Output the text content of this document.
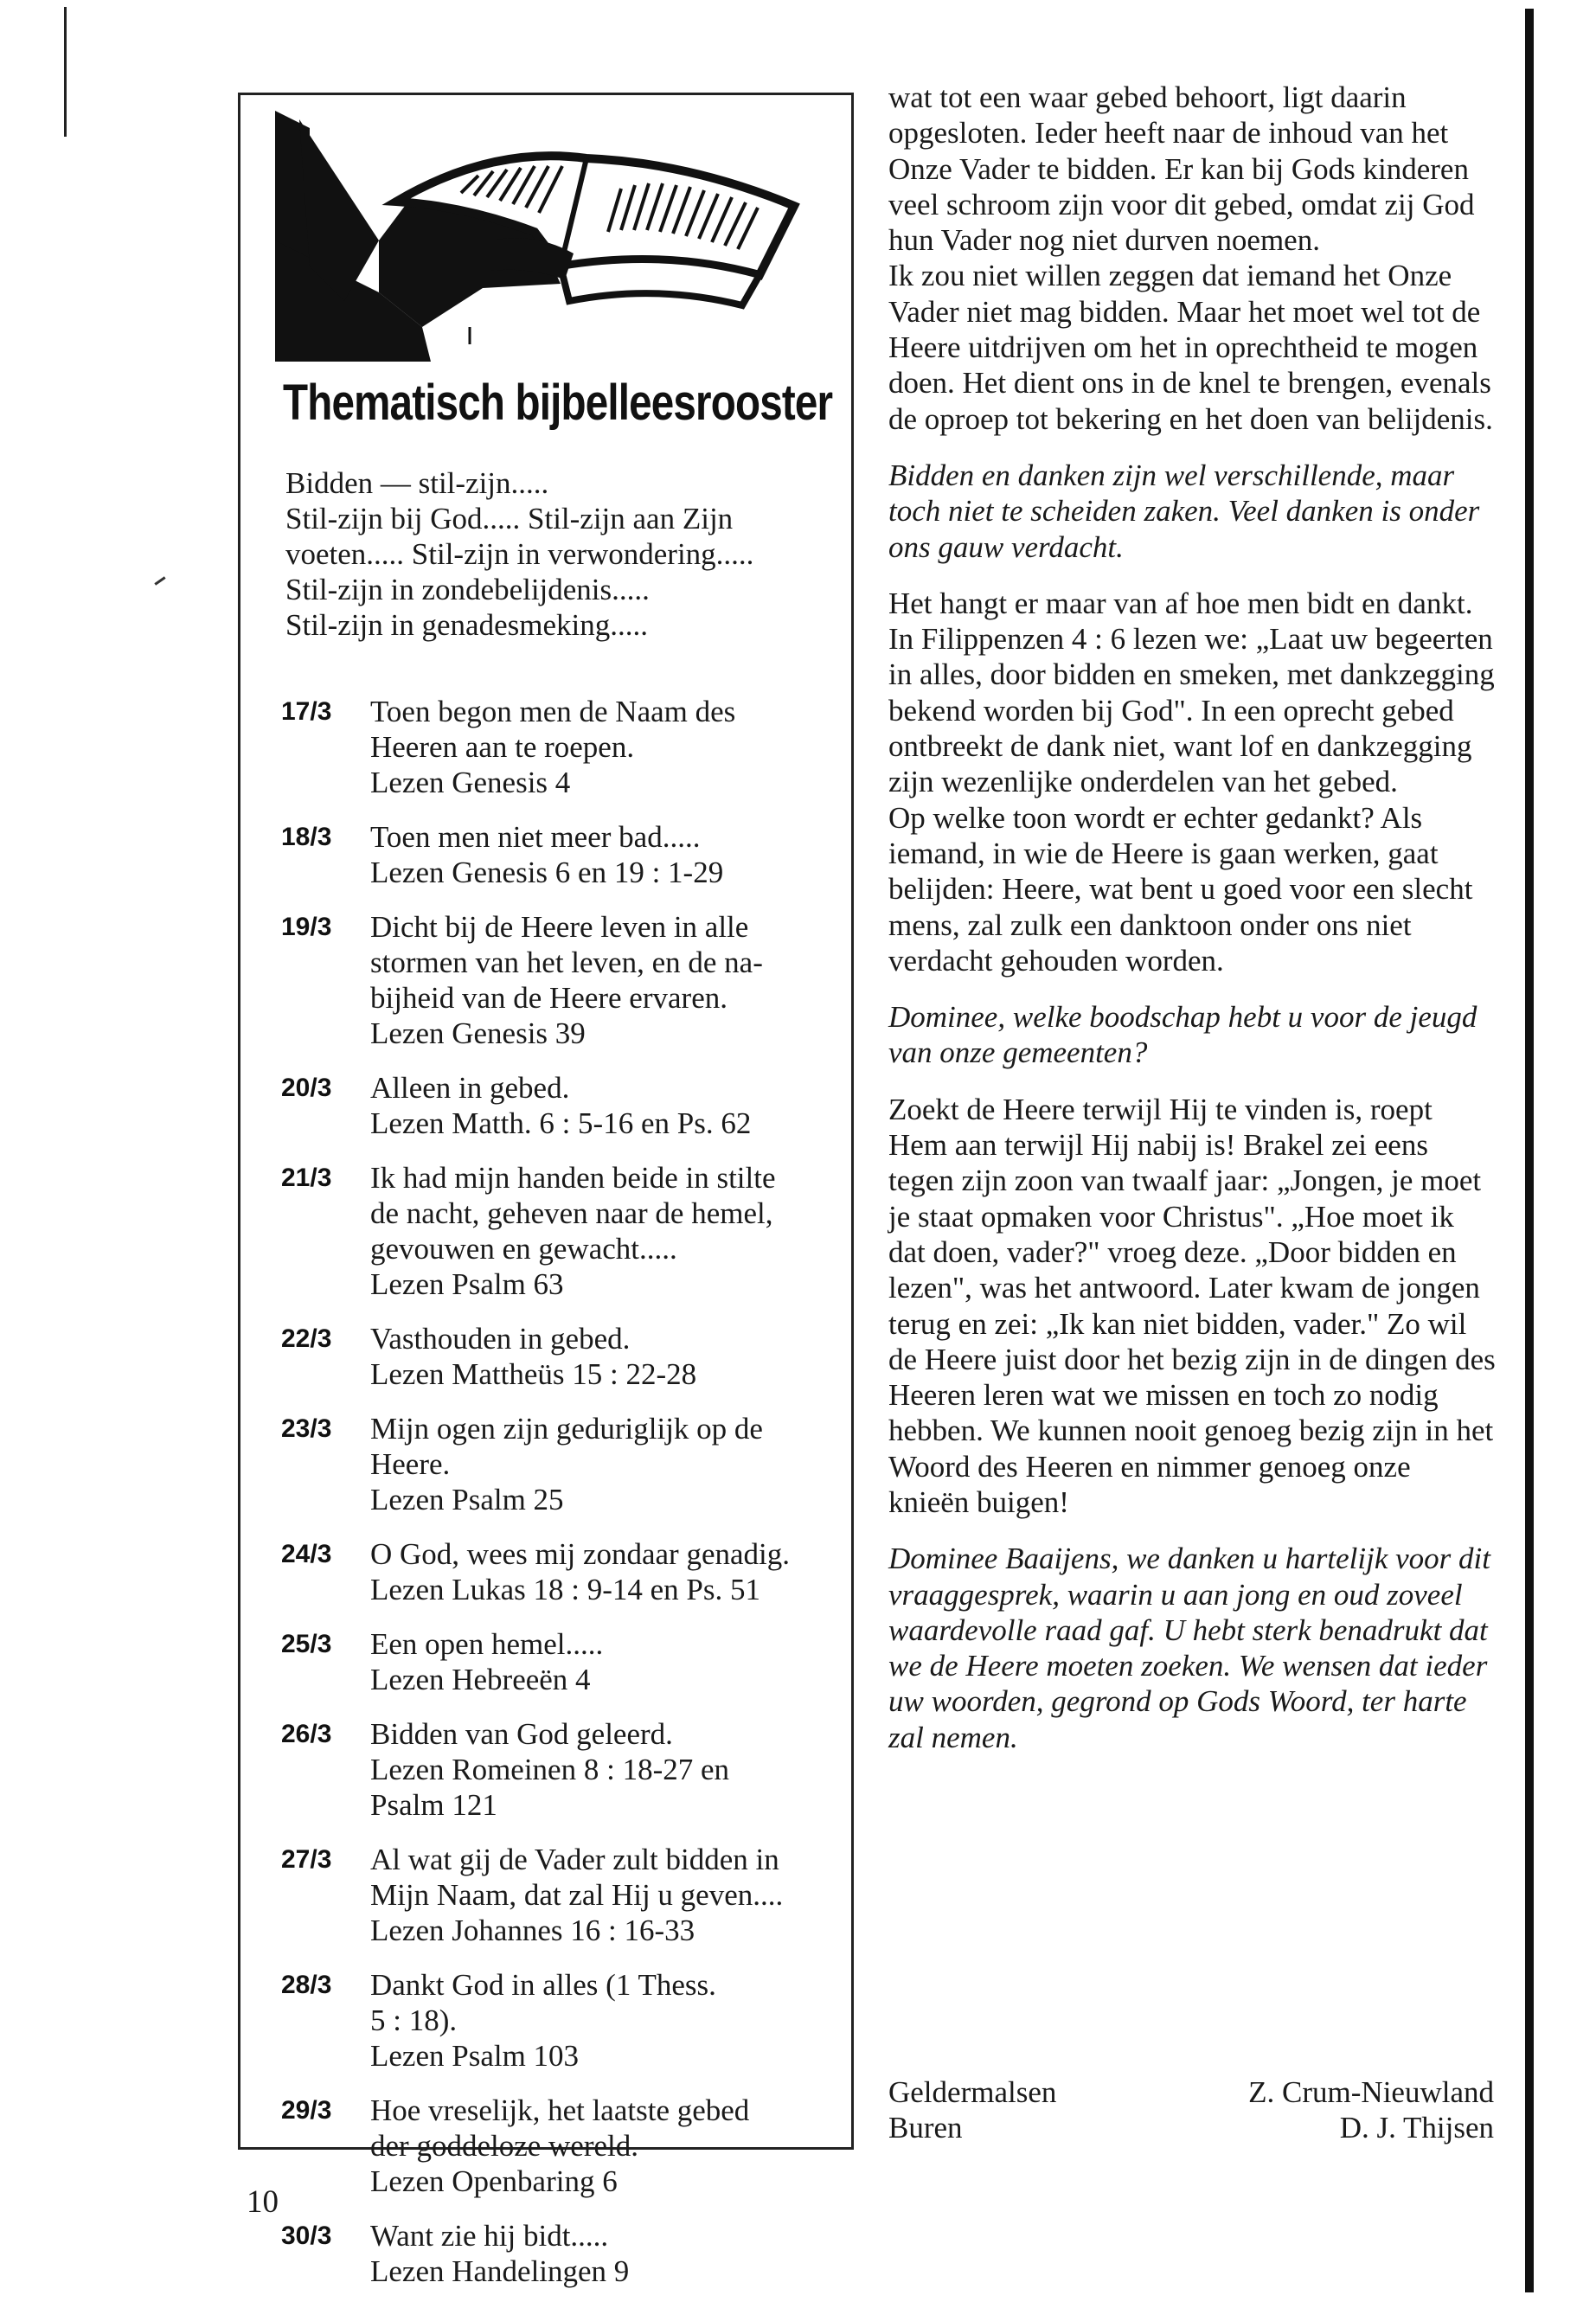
Thematisch bijbelleesrooster

Bidden — stil-zijn.....

Stil-zijn bij God..... Stil-zijn aan Zijn

voeten..... Stil-zijn in verwondering.....

Stil-zijn in zondebelijdenis.....

Stil-zijn in genadesmeking.....

17/3	Toen begon men de Naam des
Heeren aan te roepen.
Lezen Genesis 4
18/3	Toen men niet meer bad.....
Lezen Genesis 6 en 19 : 1-29
19/3	Dicht bij de Heere leven in alle
stormen van het leven, en de na-
bijheid van de Heere ervaren.
Lezen Genesis 39
20/3	Alleen in gebed.
Lezen Matth. 6 : 5-16 en Ps. 62
21/3	Ik had mijn handen beide in stilte
de nacht, geheven naar de hemel,
gevouwen en gewacht.....
Lezen Psalm 63
22/3	Vasthouden in gebed.
Lezen Mattheüs 15 : 22-28
23/3	Mijn ogen zijn geduriglijk op de
Heere.
Lezen Psalm 25
24/3	O God, wees mij zondaar genadig.
Lezen Lukas 18 : 9-14 en Ps. 51
25/3	Een open hemel.....
Lezen Hebreeën 4
26/3	Bidden van God geleerd.
Lezen Romeinen 8 : 18-27 en
Psalm 121
27/3	Al wat gij de Vader zult bidden in
Mijn Naam, dat zal Hij u geven....
Lezen Johannes 16 : 16-33
28/3	Dankt God in alles (1 Thess.
5 : 18).
Lezen Psalm 103
29/3	Hoe vreselijk, het laatste gebed
der goddeloze wereld.
Lezen Openbaring 6
30/3	Want zie hij bidt.....
Lezen Handelingen 9

wat tot een waar gebed behoort, ligt daarin opgesloten. Ieder heeft naar de inhoud van het Onze Vader te bidden. Er kan bij Gods kinderen veel schroom zijn voor dit gebed, omdat zij God hun Vader nog niet durven noemen.

Ik zou niet willen zeggen dat iemand het Onze Vader niet mag bidden. Maar het moet wel tot de Heere uitdrijven om het in oprechtheid te mogen doen. Het dient ons in de knel te brengen, evenals de oproep tot bekering en het doen van belijdenis.

Bidden en danken zijn wel verschillende, maar toch niet te scheiden zaken. Veel danken is onder ons gauw verdacht.

Het hangt er maar van af hoe men bidt en dankt. In Filippenzen 4 : 6 lezen we: „Laat uw begeerten in alles, door bidden en smeken, met dankzegging bekend worden bij God". In een oprecht gebed ontbreekt de dank niet, want lof en dankzegging zijn wezenlijke onderdelen van het gebed.

Op welke toon wordt er echter gedankt? Als iemand, in wie de Heere is gaan werken, gaat belijden: Heere, wat bent u goed voor een slecht mens, zal zulk een danktoon onder ons niet verdacht gehouden worden.

Dominee, welke boodschap hebt u voor de jeugd van onze gemeenten?

Zoekt de Heere terwijl Hij te vinden is, roept Hem aan terwijl Hij nabij is! Brakel zei eens tegen zijn zoon van twaalf jaar: „Jongen, je moet je staat opmaken voor Christus". „Hoe moet ik dat doen, vader?" vroeg deze. „Door bidden en lezen", was het antwoord. Later kwam de jongen terug en zei: „Ik kan niet bidden, vader." Zo wil de Heere juist door het bezig zijn in de dingen des Heeren leren wat we missen en toch zo nodig hebben. We kunnen nooit genoeg bezig zijn in het Woord des Heeren en nimmer genoeg onze knieën buigen!

Dominee Baaijens, we danken u hartelijk voor dit vraaggesprek, waarin u aan jong en oud zoveel waardevolle raad gaf. U hebt sterk benadrukt dat we de Heere moeten zoeken. We wensen dat ieder uw woorden, gegrond op Gods Woord, ter harte zal nemen.

Geldermalsen
Buren
Z. Crum-Nieuwland
D. J. Thijsen
10
